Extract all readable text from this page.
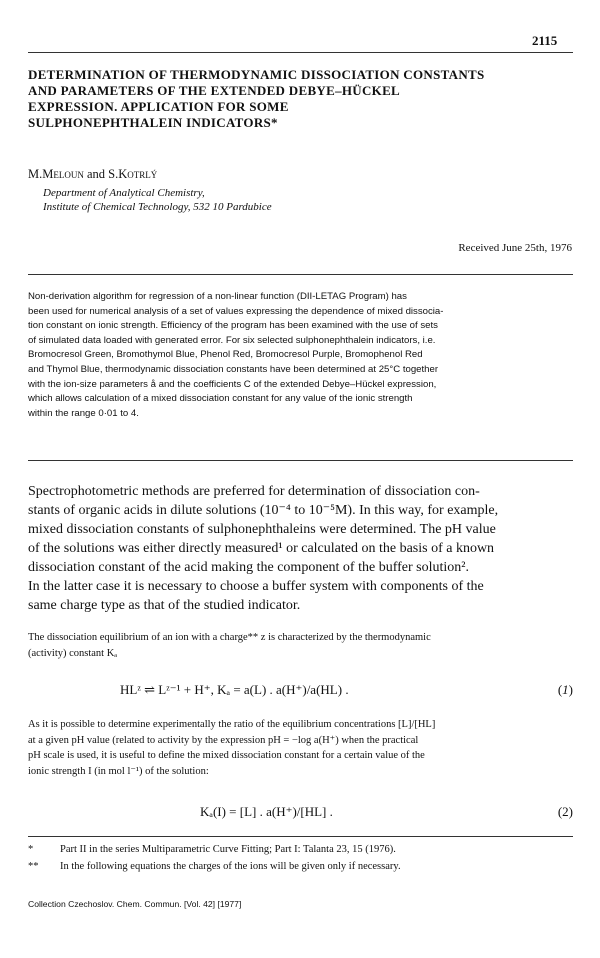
2115
DETERMINATION OF THERMODYNAMIC DISSOCIATION CONSTANTS
AND PARAMETERS OF THE EXTENDED DEBYE–HÜCKEL
EXPRESSION. APPLICATION FOR SOME
SULPHONEPHTHALEIN INDICATORS*
M.Meloun and S.Kotrlý
Department of Analytical Chemistry,
Institute of Chemical Technology, 532 10 Pardubice
Received June 25th, 1976
Non-derivation algorithm for regression of a non-linear function (DII-LETAG Program) has
been used for numerical analysis of a set of values expressing the dependence of mixed dissocia-
tion constant on ionic strength. Efficiency of the program has been examined with the use of sets
of simulated data loaded with generated error. For six selected sulphonephthalein indicators, i.e.
Bromocresol Green, Bromothymol Blue, Phenol Red, Bromocresol Purple, Bromophenol Red
and Thymol Blue, thermodynamic dissociation constants have been determined at 25°C together
with the ion-size parameters å and the coefficients C of the extended Debye–Hückel expression,
which allows calculation of a mixed dissociation constant for any value of the ionic strength
within the range 0·01 to 4.
Spectrophotometric methods are preferred for determination of dissociation con-
stants of organic acids in dilute solutions (10⁻⁴ to 10⁻⁵M). In this way, for example,
mixed dissociation constants of sulphonephthaleins were determined. The pH value
of the solutions was either directly measured¹ or calculated on the basis of a known
dissociation constant of the acid making the component of the buffer solution².
In the latter case it is necessary to choose a buffer system with components of the
same charge type as that of the studied indicator.
The dissociation equilibrium of an ion with a charge** z is characterized by the thermodynamic
(activity) constant Kₐ
HLᶻ ⇌ Lᶻ⁻¹ + H⁺, Kₐ = a(L) . a(H⁺)/a(HL) .	(1)
As it is possible to determine experimentally the ratio of the equilibrium concentrations [L]/[HL]
at a given pH value (related to activity by the expression pH = −log a(H⁺) when the practical
pH scale is used, it is useful to define the mixed dissociation constant for a certain value of the
ionic strength I (in mol l⁻¹) of the solution:
Kₐ(I) = [L] . a(H⁺)/[HL] .	(2)
*	Part II in the series Multiparametric Curve Fitting; Part I: Talanta 23, 15 (1976).
** In the following equations the charges of the ions will be given only if necessary.
Collection Czechoslov. Chem. Commun. [Vol. 42] [1977]
